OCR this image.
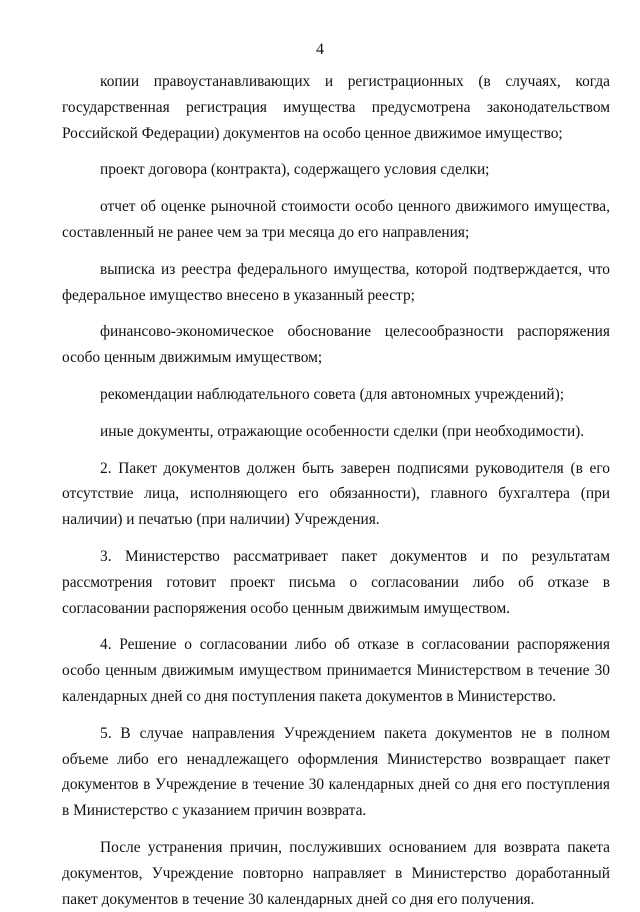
4

копии правоустанавливающих и регистрационных (в случаях, когда государственная регистрация имущества предусмотрена законодательством Российской Федерации) документов на особо ценное движимое имущество;

проект договора (контракта), содержащего условия сделки;

отчет об оценке рыночной стоимости особо ценного движимого имущества, составленный не ранее чем за три месяца до его направления;

выписка из реестра федерального имущества, которой подтверждается, что федеральное имущество внесено в указанный реестр;

финансово-экономическое обоснование целесообразности распоряжения особо ценным движимым имуществом;

рекомендации наблюдательного совета (для автономных учреждений);

иные документы, отражающие особенности сделки (при необходимости).

2. Пакет документов должен быть заверен подписями руководителя (в его отсутствие лица, исполняющего его обязанности), главного бухгалтера (при наличии) и печатью (при наличии) Учреждения.

3. Министерство рассматривает пакет документов и по результатам рассмотрения готовит проект письма о согласовании либо об отказе в согласовании распоряжения особо ценным движимым имуществом.

4. Решение о согласовании либо об отказе в согласовании распоряжения особо ценным движимым имуществом принимается Министерством в течение 30 календарных дней со дня поступления пакета документов в Министерство.

5. В случае направления Учреждением пакета документов не в полном объеме либо его ненадлежащего оформления Министерство возвращает пакет документов в Учреждение в течение 30 календарных дней со дня его поступления в Министерство с указанием причин возврата.

После устранения причин, послуживших основанием для возврата пакета документов, Учреждение повторно направляет в Министерство доработанный пакет документов в течение 30 календарных дней со дня его получения.
